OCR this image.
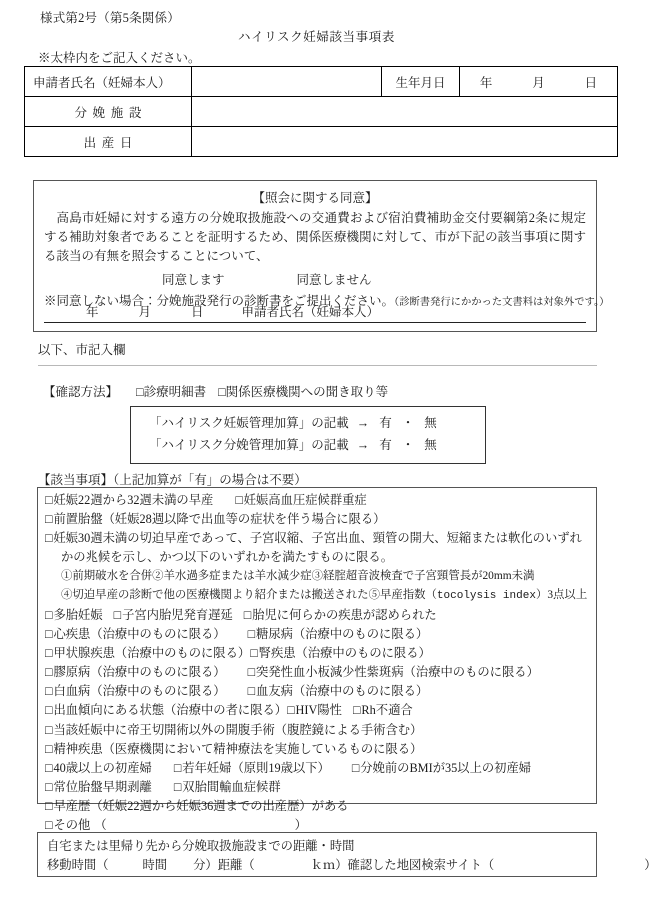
様式第2号（第5条関係）
ハイリスク妊婦該当事項表
※太枠内をご記入ください。
申請者氏名（妊婦本人）		生年月日	年 月 日

分娩施設			
出産日			
【照会に関する同意】

高島市妊婦に対する遠方の分娩取扱施設への交通費および宿泊費補助金交付要綱第2条に規定する補助対象者であることを証明するため、関係医療機関に対して、市が下記の該当事項に関する該当の有無を照会することについて、

同意します	同意しません
※同意しない場合：分娩施設発行の診断書をご提出ください。（診断書発行にかかった文書料は対象外です。）
年	月	日	申請者氏名（妊婦本人）
以下、市記入欄
【確認方法】 □診療明細書 □関係医療機関への聞き取り等
「ハイリスク妊娠管理加算」の記載 → 有 ・ 無
「ハイリスク分娩管理加算」の記載 → 有 ・ 無
【該当事項】（上記加算が「有」の場合は不要）
□妊娠22週から32週未満の早産 □妊娠高血圧症候群重症
□前置胎盤（妊娠28週以降で出血等の症状を伴う場合に限る）
□妊娠30週未満の切迫早産であって、子宮収縮、子宮出血、頸管の開大、短縮または軟化のいずれ
かの兆候を示し、かつ以下のいずれかを満たすものに限る。
①前期破水を合併②羊水過多症または羊水減少症③経腟超音波検査で子宮頸管長が20mm未満
④切迫早産の診断で他の医療機関より紹介または搬送された⑤早産指数（tocolysis index）3点以上
□多胎妊娠 □子宮内胎児発育遅延 □胎児に何らかの疾患が認められた
□心疾患（治療中のものに限る） □糖尿病（治療中のものに限る）
□甲状腺疾患（治療中のものに限る）□腎疾患（治療中のものに限る）
□膠原病（治療中のものに限る） □突発性血小板減少性紫斑病（治療中のものに限る）
□白血病（治療中のものに限る） □血友病（治療中のものに限る）
□出血傾向にある状態（治療中の者に限る）□HIV陽性 □Rh不適合
□当該妊娠中に帝王切開術以外の開腹手術（腹腔鏡による手術含む）
□精神疾患（医療機関において精神療法を実施しているものに限る）
□40歳以上の初産婦 □若年妊婦（原則19歳以下） □分娩前のBMIが35以上の初産婦
□常位胎盤早期剥離 □双胎間輸血症候群
□早産歴（妊娠22週から妊娠36週までの出産歴）がある
□その他 （	）
自宅または里帰り先から分娩取扱施設までの距離・時間
移動時間（	時間 分）距離（	ｋｍ）確認した地図検索サイト（	）
